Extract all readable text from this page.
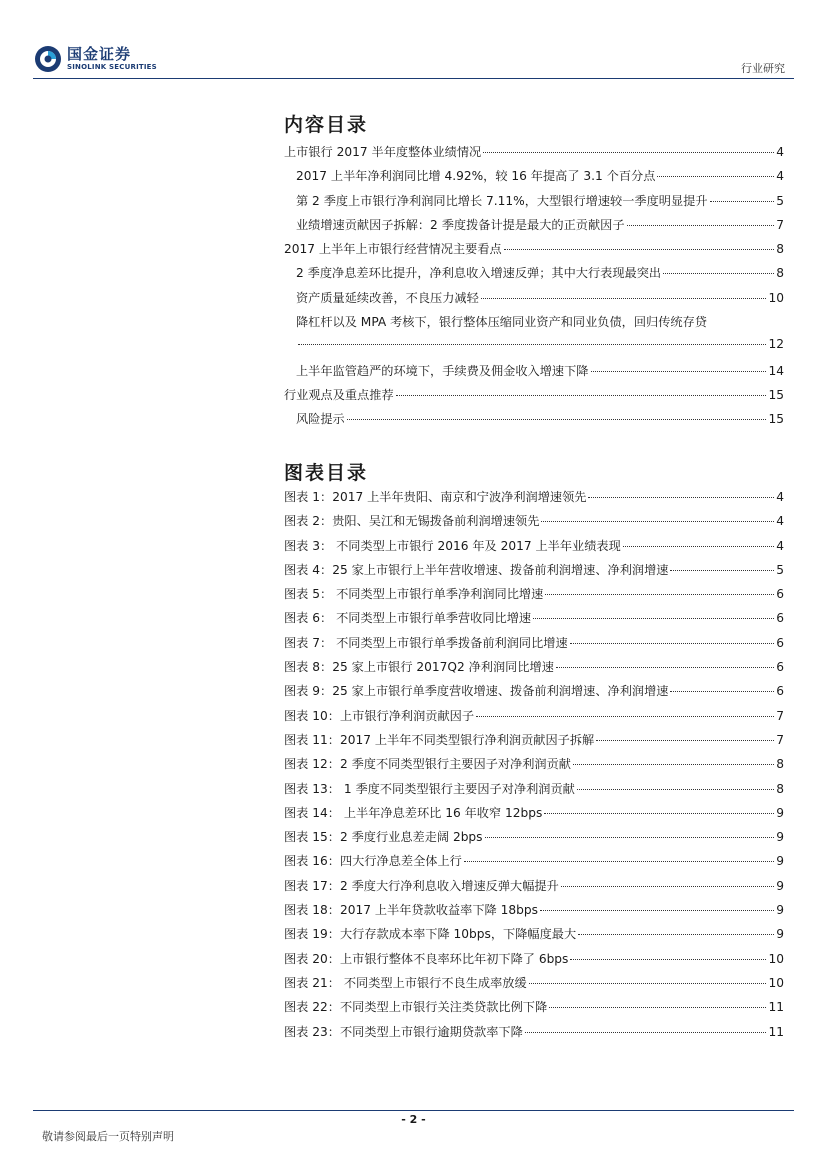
国金证券
SINOLINK SECURITIES	行业研究
内容目录
上市银行 2017 半年度整体业绩情况	4
2017 上半年净利润同比增 4.92%，较 16 年提高了 3.1 个百分点	4
第 2 季度上市银行净利润同比增长 7.11%，大型银行增速较一季度明显提升	5
业绩增速贡献因子拆解：2 季度拨备计提是最大的正贡献因子	7
2017 上半年上市银行经营情况主要看点	8
2 季度净息差环比提升，净利息收入增速反弹；其中大行表现最突出	8
资产质量延续改善，不良压力减轻	10
降杠杆以及 MPA 考核下，银行整体压缩同业资产和同业负债，回归传统存贷
12
上半年监管趋严的环境下，手续费及佣金收入增速下降	14
行业观点及重点推荐	15
风险提示	15
图表目录
图表 1：2017 上半年贵阳、南京和宁波净利润增速领先	4
图表 2：贵阳、吴江和无锡拨备前利润增速领先	4
图表 3： 不同类型上市银行 2016 年及 2017 上半年业绩表现	4
图表 4：25 家上市银行上半年营收增速、拨备前利润增速、净利润增速	5
图表 5： 不同类型上市银行单季净利润同比增速	6
图表 6： 不同类型上市银行单季营收同比增速	6
图表 7： 不同类型上市银行单季拨备前利润同比增速	6
图表 8：25 家上市银行 2017Q2 净利润同比增速	6
图表 9：25 家上市银行单季度营收增速、拨备前利润增速、净利润增速	6
图表 10：上市银行净利润贡献因子	7
图表 11：2017 上半年不同类型银行净利润贡献因子拆解	7
图表 12：2 季度不同类型银行主要因子对净利润贡献	8
图表 13： 1 季度不同类型银行主要因子对净利润贡献	8
图表 14： 上半年净息差环比 16 年收窄 12bps	9
图表 15：2 季度行业息差走阔 2bps	9
图表 16：四大行净息差全体上行	9
图表 17：2 季度大行净利息收入增速反弹大幅提升	9
图表 18：2017 上半年贷款收益率下降 18bps	9
图表 19：大行存款成本率下降 10bps，下降幅度最大	9
图表 20：上市银行整体不良率环比年初下降了 6bps	10
图表 21： 不同类型上市银行不良生成率放缓	10
图表 22：不同类型上市银行关注类贷款比例下降	11
图表 23：不同类型上市银行逾期贷款率下降	11
- 2 -
敬请参阅最后一页特别声明
